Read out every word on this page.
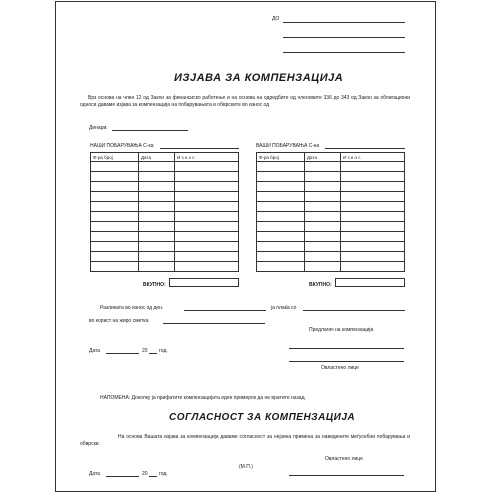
ДО
ИЗЈАВА ЗА КОМПЕНЗАЦИЈА
Врз основа на член 12 од Закон за финансиско работење и на основа на одредбите од членовите 336 до 343 од Закон за облигациони односи даваме изјава за компензација на побарувањата и обврските во износ од
Денари:
НАШИ ПОБАРУВАЊА С-ка
Ф-ра број	Дата	И з н о с

ВКУПНО:
ВАШИ ПОБАРУВАЊА С-ка
Ф-ра број	Дата	И з н о с

ВКУПНО:
Разликата во износ од ден.	ја плаќа со
во корист на жиро сметка
Предлагач на компензација
Дата	20 год.
Овластено лице
НАПОМЕНА: Доколку ја прифатите компензацијата еден примерок да не вратите назад.
СОГЛАСНОСТ ЗА КОМПЕНЗАЦИЈА
На основа Вашата изјава за компензација даваме согласност за нејзина примена за наведените меѓусебни побарувања и обврски.
Овластено лице
(М.П.)
Дата	20 год.
